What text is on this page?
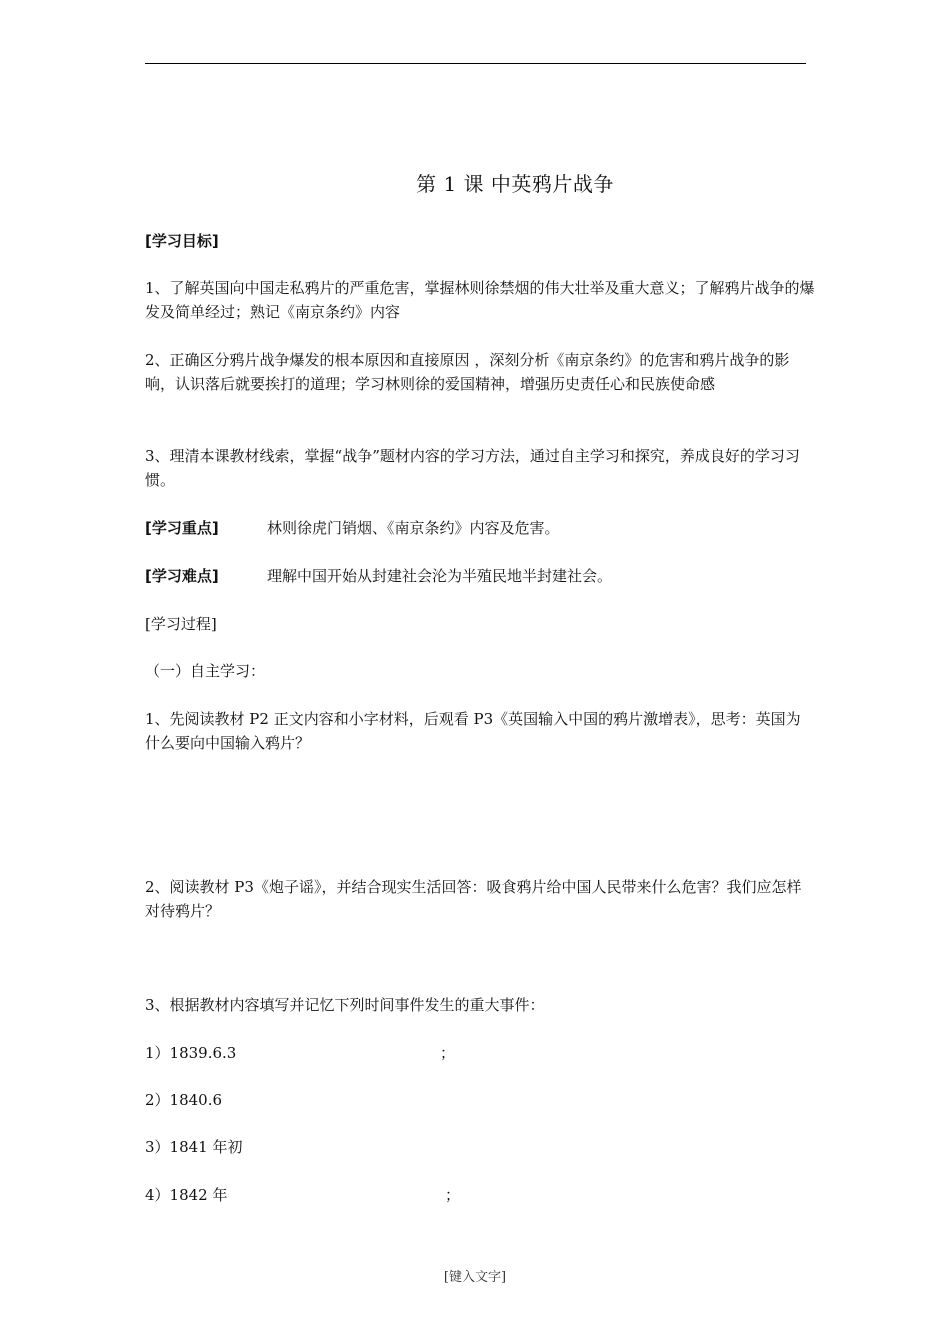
第 1 课 中英鸦片战争
[学习目标]
1、了解英国向中国走私鸦片的严重危害，掌握林则徐禁烟的伟大壮举及重大意义；了解鸦片战争的爆发及简单经过；熟记《南京条约》内容
2、正确区分鸦片战争爆发的根本原因和直接原因 ，深刻分析《南京条约》的危害和鸦片战争的影响，认识落后就要挨打的道理；学习林则徐的爱国精神，增强历史责任心和民族使命感
3、理清本课教材线索，掌握“战争”题材内容的学习方法，通过自主学习和探究，养成良好的学习习惯。
[学习重点]	林则徐虎门销烟、《南京条约》内容及危害。
[学习难点]	理解中国开始从封建社会沦为半殖民地半封建社会。
[学习过程]
（一）自主学习：
1、先阅读教材 P2 正文内容和小字材料，后观看 P3《英国输入中国的鸦片激增表》，思考：英国为什么要向中国输入鸦片？
2、阅读教材 P3《炮子谣》，并结合现实生活回答：吸食鸦片给中国人民带来什么危害？我们应怎样对待鸦片？
3、根据教材内容填写并记忆下列时间事件发生的重大事件：
1）1839.6.3	；
2）1840.6
3）1841 年初
4）1842 年	；
[键入文字]
